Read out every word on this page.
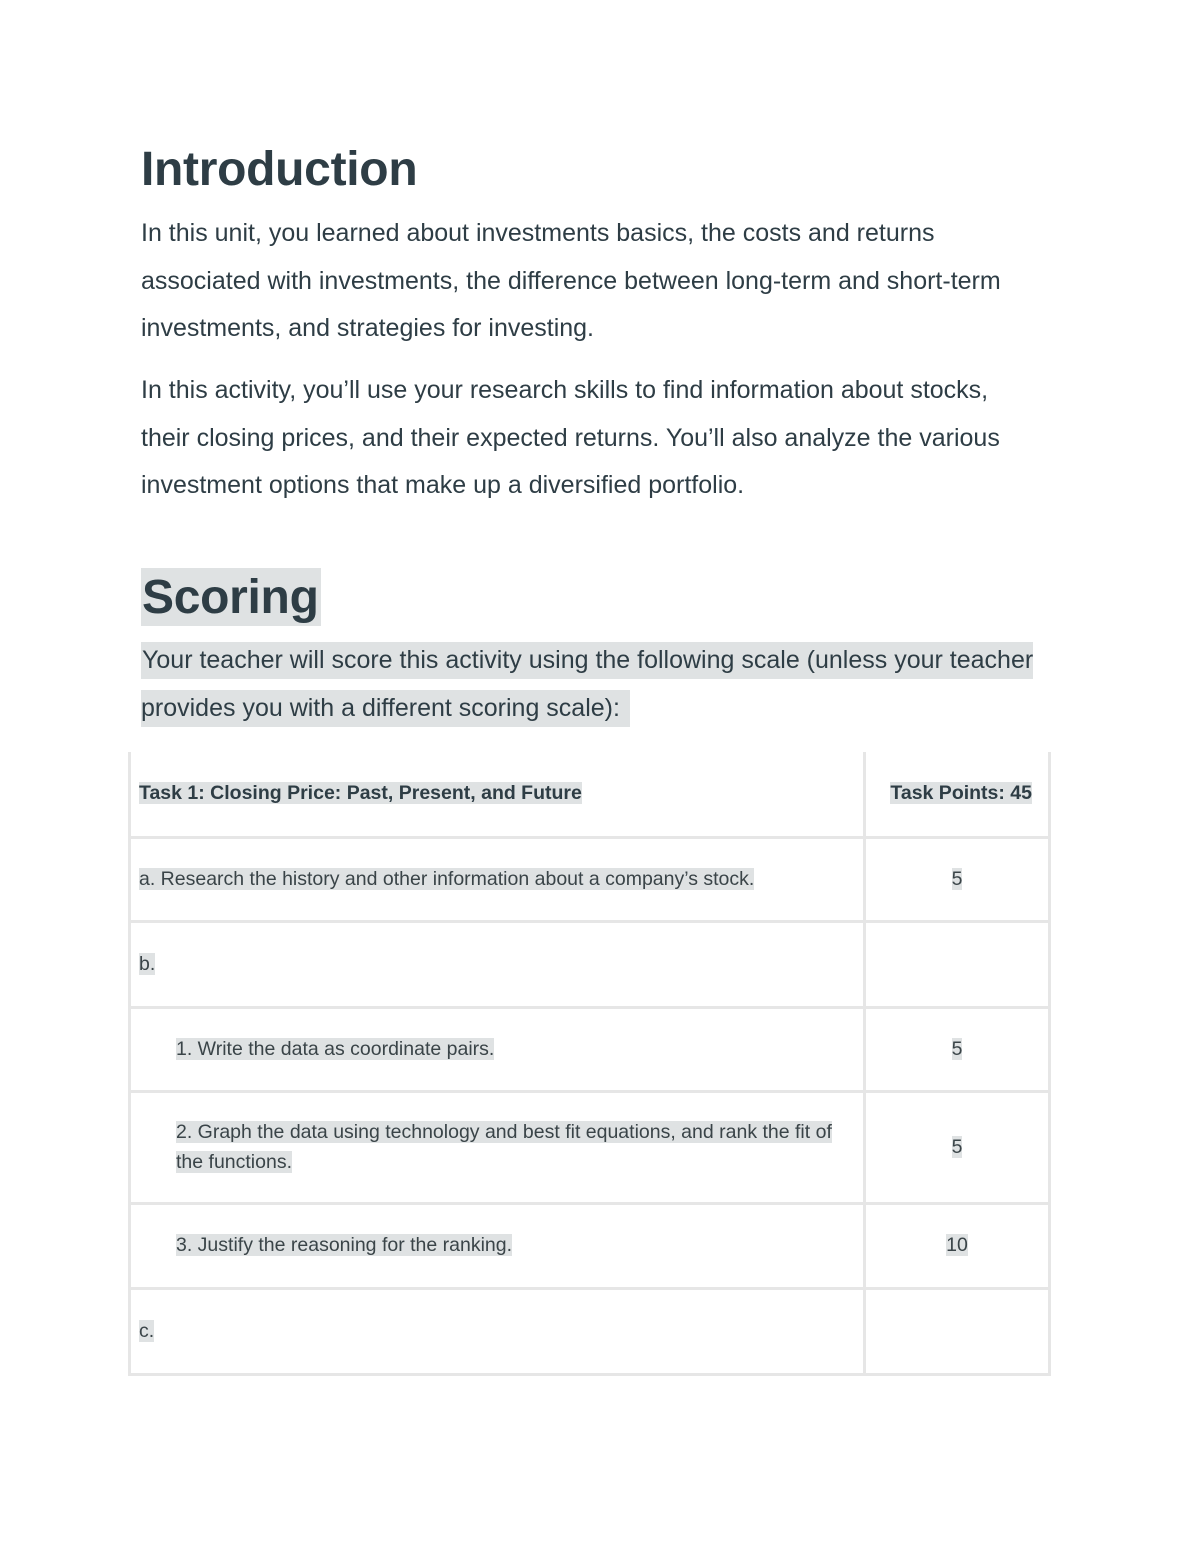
Introduction

In this unit, you learned about investments basics, the costs and returns associated with investments, the difference between long-term and short-term investments, and strategies for investing.

In this activity, you’ll use your research skills to find information about stocks, their closing prices, and their expected returns. You’ll also analyze the various investment options that make up a diversified portfolio.

Scoring

Your teacher will score this activity using the following scale (unless your teacher provides you with a different scoring scale):

Task 1: Closing Price: Past, Present, and Future	Task Points: 45
a. Research the history and other information about a company’s stock.	5
b.	
1. Write the data as coordinate pairs.	5

2. Graph the data using technology and best fit equations, and rank the fit of the functions.	5
3. Justify the reasoning for the ranking.	10
c.	
